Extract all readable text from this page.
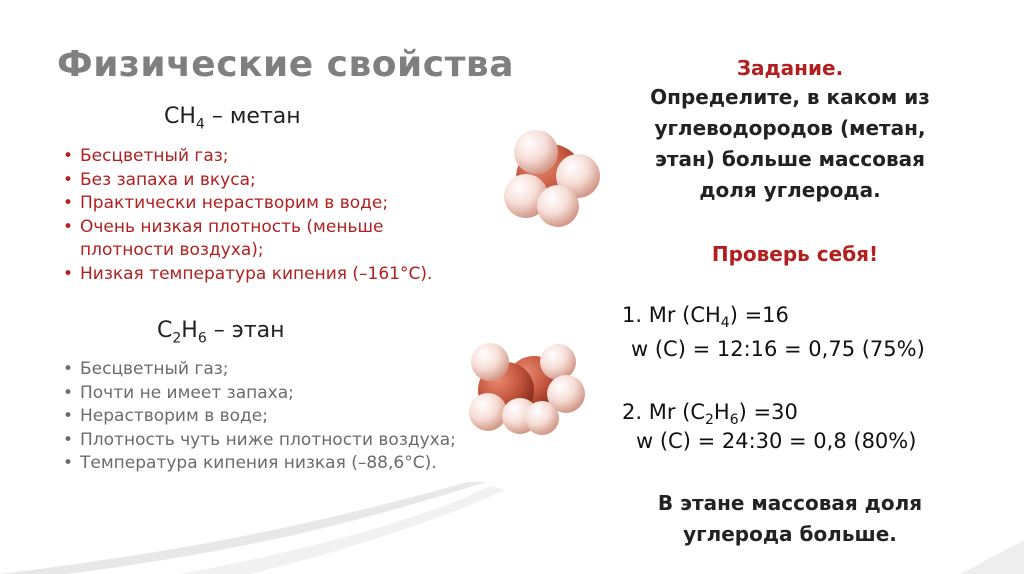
Физические свойства
$CH_4$ – метан
• Бесцветный газ;
• Без запаха и вкуса;
• Практически нерастворим в воде;
• Очень низкая плотность (меньше
плотности воздуха);
• Низкая температура кипения (–161°C).
$C_2H_6$ – этан
• Бесцветный газ;
• Почти не имеет запаха;
• Нерастворим в воде;
• Плотность чуть ниже плотности воздуха;
• Температура кипения низкая (–88,6°C).
Задание.
Определите, в каком из
углеводородов (метан,
этан) больше массовая
доля углерода.
Проверь себя!
1. Mr $(CH_4) =16$
w (C) = 12:16 = 0,75 (75%)
2. Mr $(C_2H_6) =30$
w (C) = 24:30 = 0,8 (80%)
В этане массовая доля
углерода больше.
